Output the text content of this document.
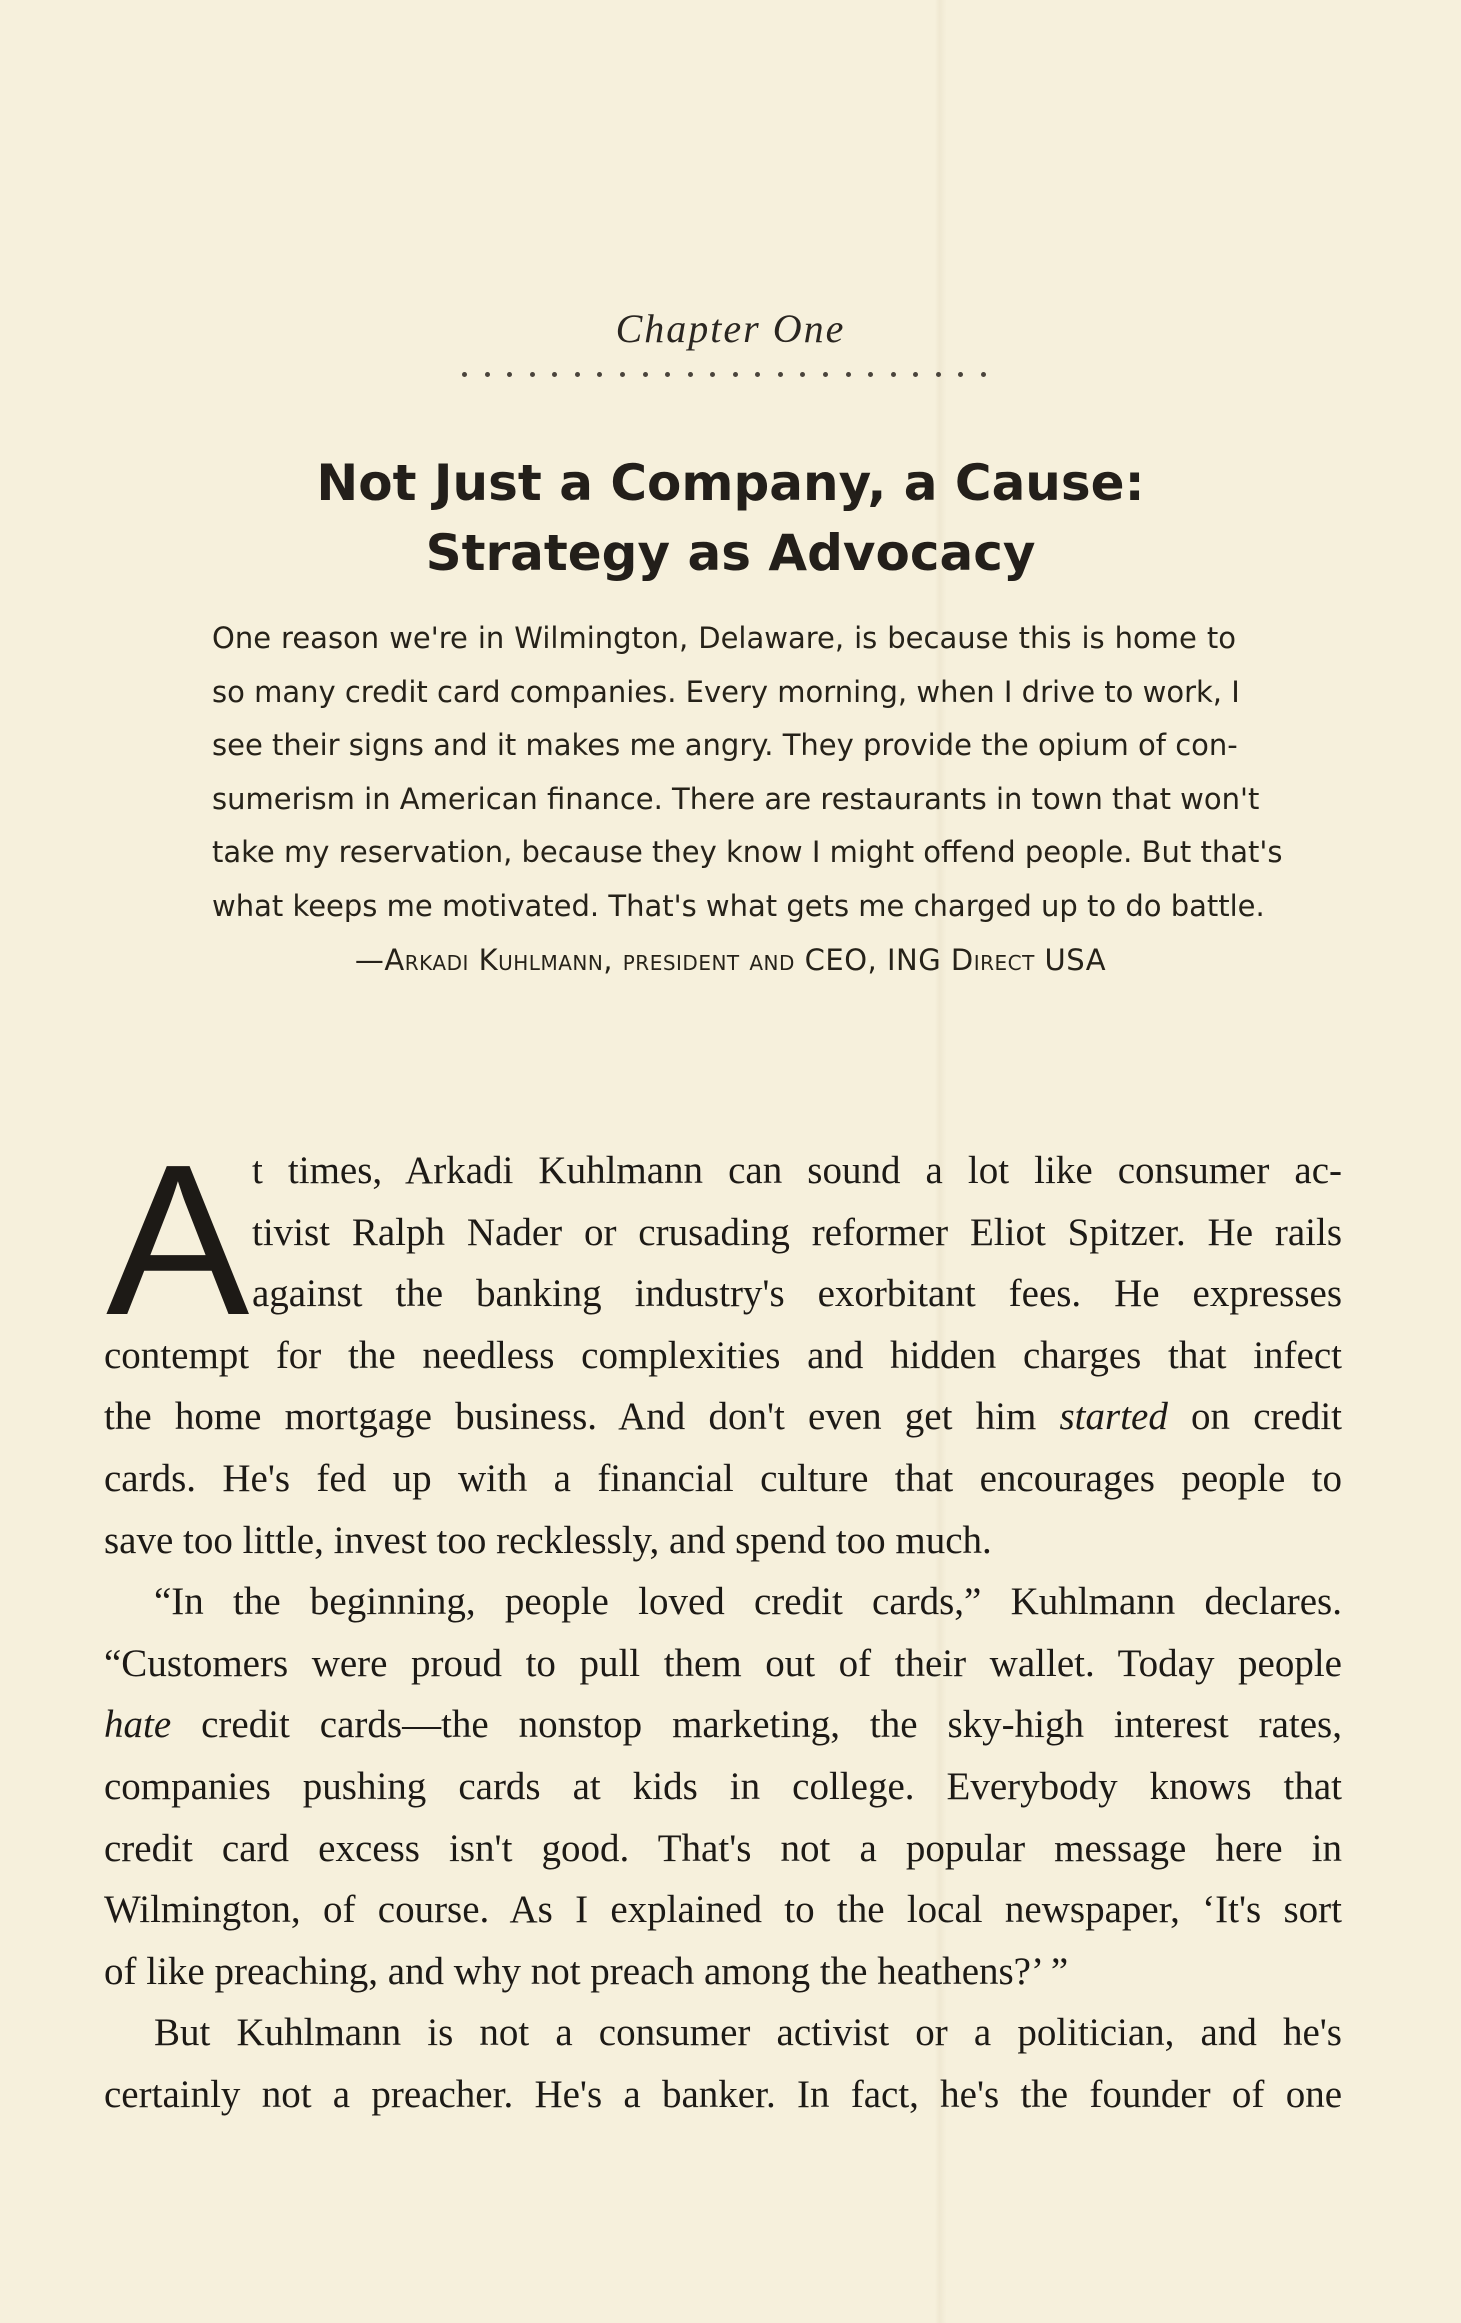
Chapter One
Not Just a Company, a Cause:
Strategy as Advocacy
One reason we're in Wilmington, Delaware, is because this is home to
so many credit card companies. Every morning, when I drive to work, I
see their signs and it makes me angry. They provide the opium of con-
sumerism in American finance. There are restaurants in town that won't
take my reservation, because they know I might offend people. But that's
what keeps me motivated. That's what gets me charged up to do battle.
—Arkadi Kuhlmann, president and CEO, ING Direct USA
A t times, Arkadi Kuhlmann can sound a lot like consumer ac-
tivist Ralph Nader or crusading reformer Eliot Spitzer. He rails
against the banking industry's exorbitant fees. He expresses
contempt for the needless complexities and hidden charges that infect
the home mortgage business. And don't even get him started on credit
cards. He's fed up with a financial culture that encourages people to
save too little, invest too recklessly, and spend too much.
“In the beginning, people loved credit cards,” Kuhlmann declares.
“Customers were proud to pull them out of their wallet. Today people
hate credit cards—the nonstop marketing, the sky-high interest rates,
companies pushing cards at kids in college. Everybody knows that
credit card excess isn't good. That's not a popular message here in
Wilmington, of course. As I explained to the local newspaper, ‘It's sort
of like preaching, and why not preach among the heathens?’ ”
But Kuhlmann is not a consumer activist or a politician, and he's
certainly not a preacher. He's a banker. In fact, he's the founder of one
